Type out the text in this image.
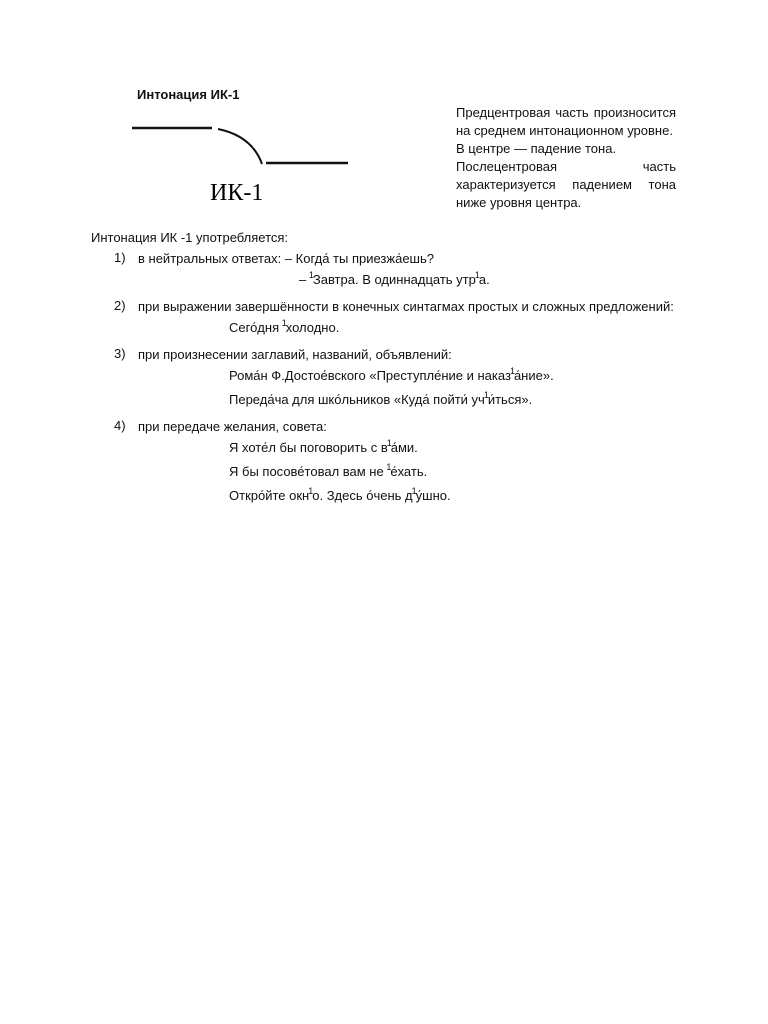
Интонация ИК-1
ИК-1

Предцентровая часть произносится на среднем интонационном уровне.
В центре — падение тона.
Послецентровая часть характеризуется падением тона ниже уровня центра.

Интонация ИК -1 употребляется:
1) в нейтральных ответах: – Когда́ ты приезжа́ешь?
– $^1$Завтра. В одиннадцать утр$^1$а.
2) при выражении завершённости в конечных синтагмах простых и сложных предложений:
Сего́дня $^1$холодно.
3) при произнесении заглавий, названий, объявлений:
Рома́н Ф.Достое́вского «Преступле́ние и наказ$^1$а́ние».
Переда́ча для шко́льников «Куда́ пойти́ $уч^1и́ться$».
4) при передаче желания, совета:
Я хоте́л бы поговорить с $в^1а́ми$.
Я бы посове́товал вам не $^1$е́хать.
Откро́йте окн$^1$о. Здесь о́чень $д^1у́шно$.
